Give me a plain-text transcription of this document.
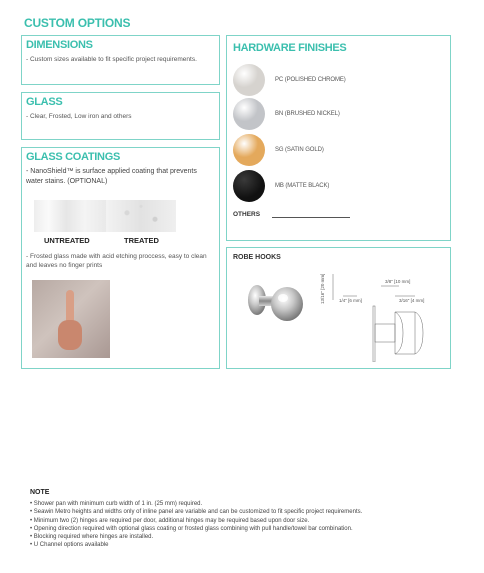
CUSTOM OPTIONS
DIMENSIONS

- Custom sizes available to fit specific project requirements.

GLASS

- Clear, Frosted, Low iron and others

GLASS COATINGS

- NanoShield™ is surface applied coating that prevents water stains. (OPTIONAL)

UNTREATED	TREATED

- Frosted glass made with acid etching proccess, easy to clean and leaves no finger prints

HARDWARE FINISHES
PC (POLISHED CHROME)
BN (BRUSHED NICKEL)
SG (SATIN GOLD)
MB (MATTE BLACK)
OTHERS
ROBE HOOKS
13/16" [20 mm]	3/8" [10 mm]
1/4" [6 mm]	3/16" [4 mm]
NOTE
• Shower pan with minimum curb width of 1 in. (25 mm) required.
• Seawin Metro heights and widths only of inline panel are variable and can be customized to fit specific project requirements.
• Minimum two (2) hinges are required per door, additional hinges may be required based upon door size.
• Opening direction required with optional glass coating or frosted glass combining with pull handle/towel bar combination.
• Blocking required where hinges are installed.
• U Channel options available
